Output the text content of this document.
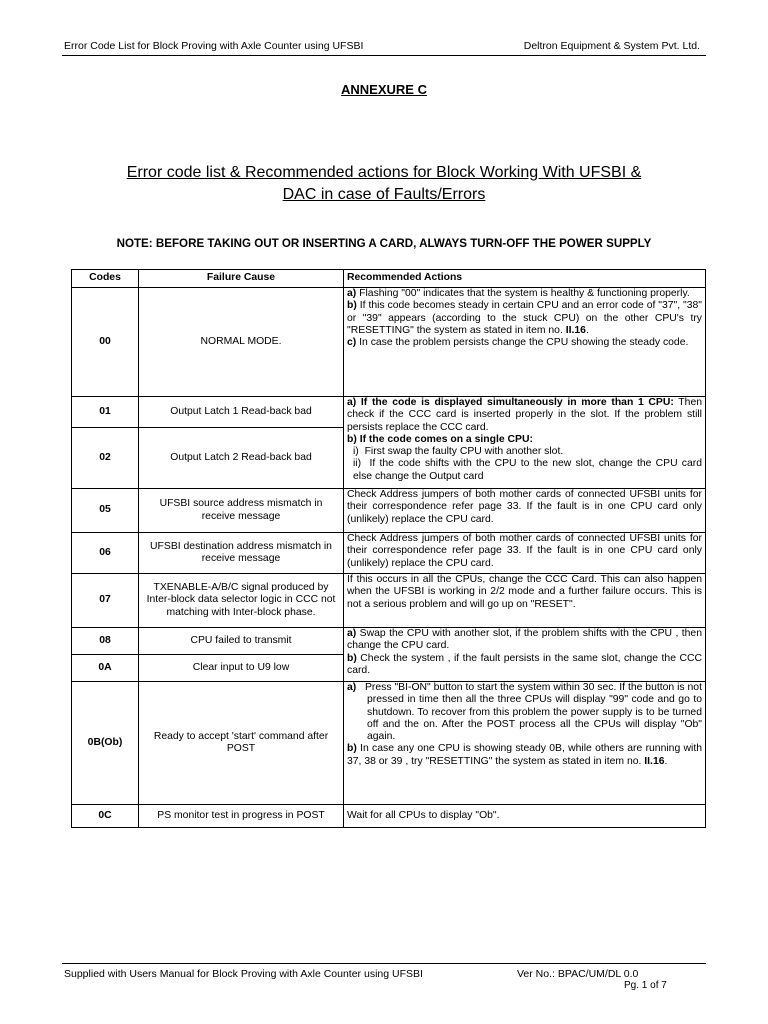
Error Code List for Block Proving with Axle Counter using UFSBI	Deltron Equipment & System Pvt. Ltd.
ANNEXURE C
Error code list & Recommended actions for Block Working With UFSBI &
DAC in case of Faults/Errors
NOTE: BEFORE TAKING OUT OR INSERTING A CARD, ALWAYS TURN-OFF THE POWER SUPPLY
Codes	Failure Cause	Recommended Actions
00	NORMAL MODE.	a) Flashing "00" indicates that the system is healthy & functioning properly.
b) If this code becomes steady in certain CPU and an error code of "37", "38" or "39" appears (according to the stuck CPU) on the other CPU's try "RESETTING" the system as stated in item no. II.16.
c) In case the problem persists change the CPU showing the steady code.
01	Output Latch 1 Read-back bad	a) If the code is displayed simultaneously in more than 1 CPU: Then check if the CCC card is inserted properly in the slot. If the problem still persists replace the CCC card.
b) If the code comes on a single CPU:
i) First swap the faulty CPU with another slot.
ii) If the code shifts with the CPU to the new slot, change the CPU card else change the Output card

02	Output Latch 2 Read-back bad	
05	UFSBI source address mismatch in receive message	Check Address jumpers of both mother cards of connected UFSBI units for their correspondence refer page 33. If the fault is in one CPU card only (unlikely) replace the CPU card.
06	UFSBI destination address mismatch in receive message	Check Address jumpers of both mother cards of connected UFSBI units for their correspondence refer page 33. If the fault is in one CPU card only (unlikely) replace the CPU card.
07	TXENABLE-A/B/C signal produced by Inter-block data selector logic in CCC not matching with Inter-block phase.	If this occurs in all the CPUs, change the CCC Card. This can also happen when the UFSBI is working in 2/2 mode and a further failure occurs. This is not a serious problem and will go up on "RESET".
08	CPU failed to transmit	a) Swap the CPU with another slot, if the problem shifts with the CPU , then change the CPU card.
b) Check the system , if the fault persists in the same slot, change the CCC card.
0A	Clear input to U9 low	
0B(Ob)	Ready to accept 'start' command after POST	a) Press "BI-ON" button to start the system within 30 sec. If the button is not pressed in time then all the three CPUs will display "99" code and go to shutdown. To recover from this problem the power supply is to be turned off and the on. After the POST process all the CPUs will display "Ob" again.
b) In case any one CPU is showing steady 0B, while others are running with 37, 38 or 39 , try "RESETTING" the system as stated in item no. II.16.
0C	PS monitor test in progress in POST	Wait for all CPUs to display "Ob".
Supplied with Users Manual for Block Proving with Axle Counter using UFSBI	Ver No.: BPAC/UM/DL 0.0
Pg. 1 of 7
